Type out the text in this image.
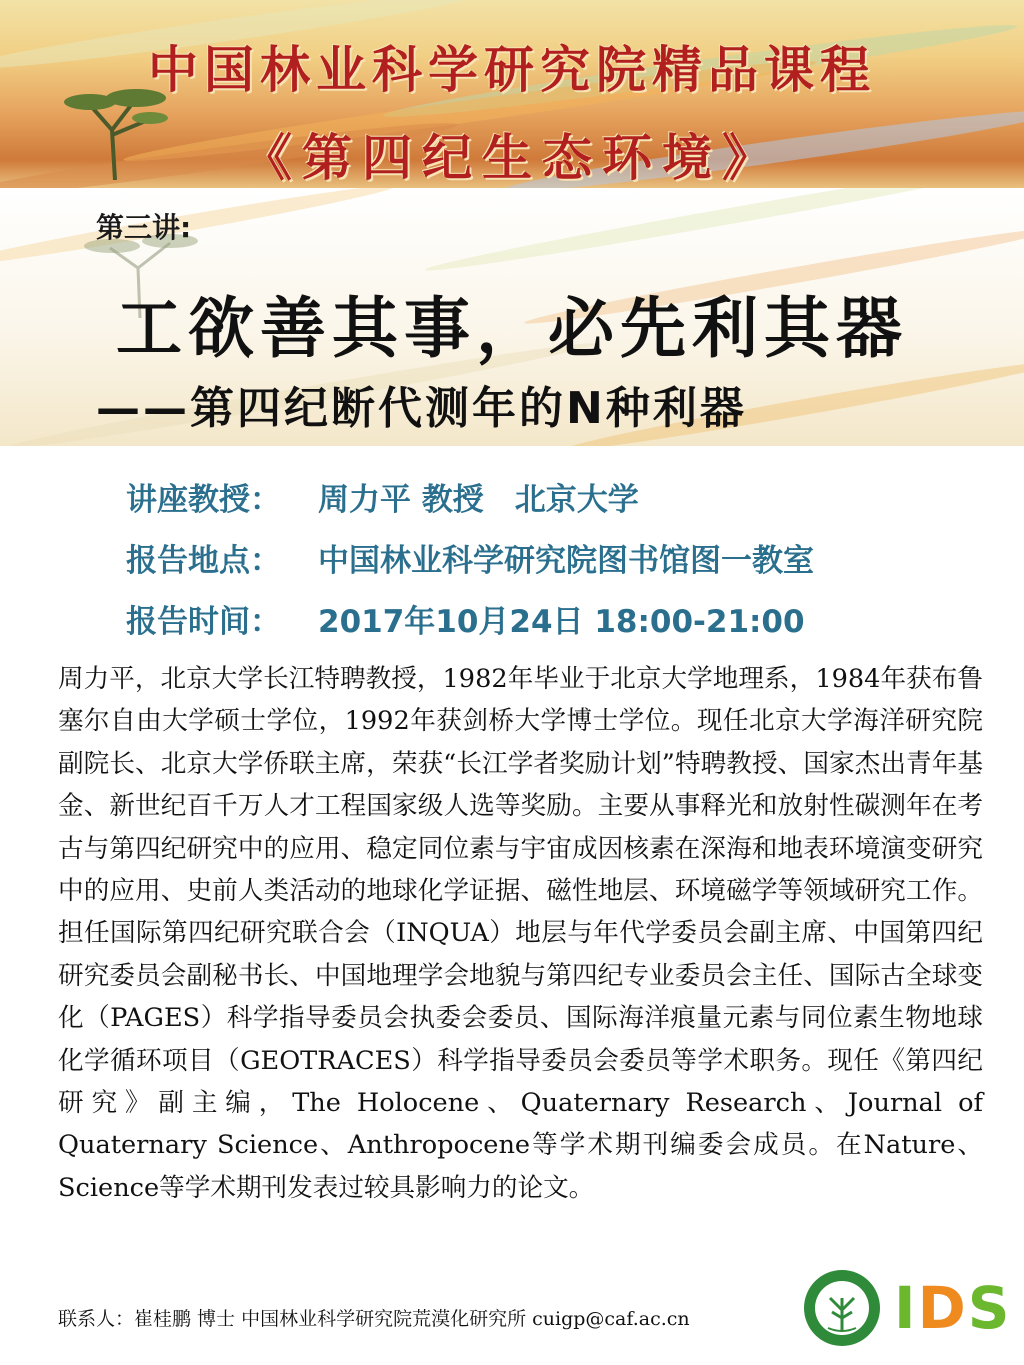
中国林业科学研究院精品课程
《第四纪生态环境》
第三讲:
工欲善其事，必先利其器
——第四纪断代测年的N种利器
讲座教授： 周力平 教授　北京大学
报告地点： 中国林业科学研究院图书馆图一教室
报告时间： 2017年10月24日 18:00-21:00
周力平，北京大学长江特聘教授，1982年毕业于北京大学地理系，1984年获布鲁塞尔自由大学硕士学位，1992年获剑桥大学博士学位。现任北京大学海洋研究院副院长、北京大学侨联主席，荣获“长江学者奖励计划”特聘教授、国家杰出青年基金、新世纪百千万人才工程国家级人选等奖励。主要从事释光和放射性碳测年在考古与第四纪研究中的应用、稳定同位素与宇宙成因核素在深海和地表环境演变研究中的应用、史前人类活动的地球化学证据、磁性地层、环境磁学等领域研究工作。担任国际第四纪研究联合会（INQUA）地层与年代学委员会副主席、中国第四纪研究委员会副秘书长、中国地理学会地貌与第四纪专业委员会主任、国际古全球变化（PAGES）科学指导委员会执委会委员、国际海洋痕量元素与同位素生物地球化学循环项目（GEOTRACES）科学指导委员会委员等学术职务。现任《第四纪研究》副主编，The Holocene、Quaternary Research、Journal of Quaternary Science、Anthropocene等学术期刊编委会成员。在Nature、Science等学术期刊发表过较具影响力的论文。
联系人：崔桂鹏 博士 中国林业科学研究院荒漠化研究所 cuigp@caf.ac.cn	IDS
